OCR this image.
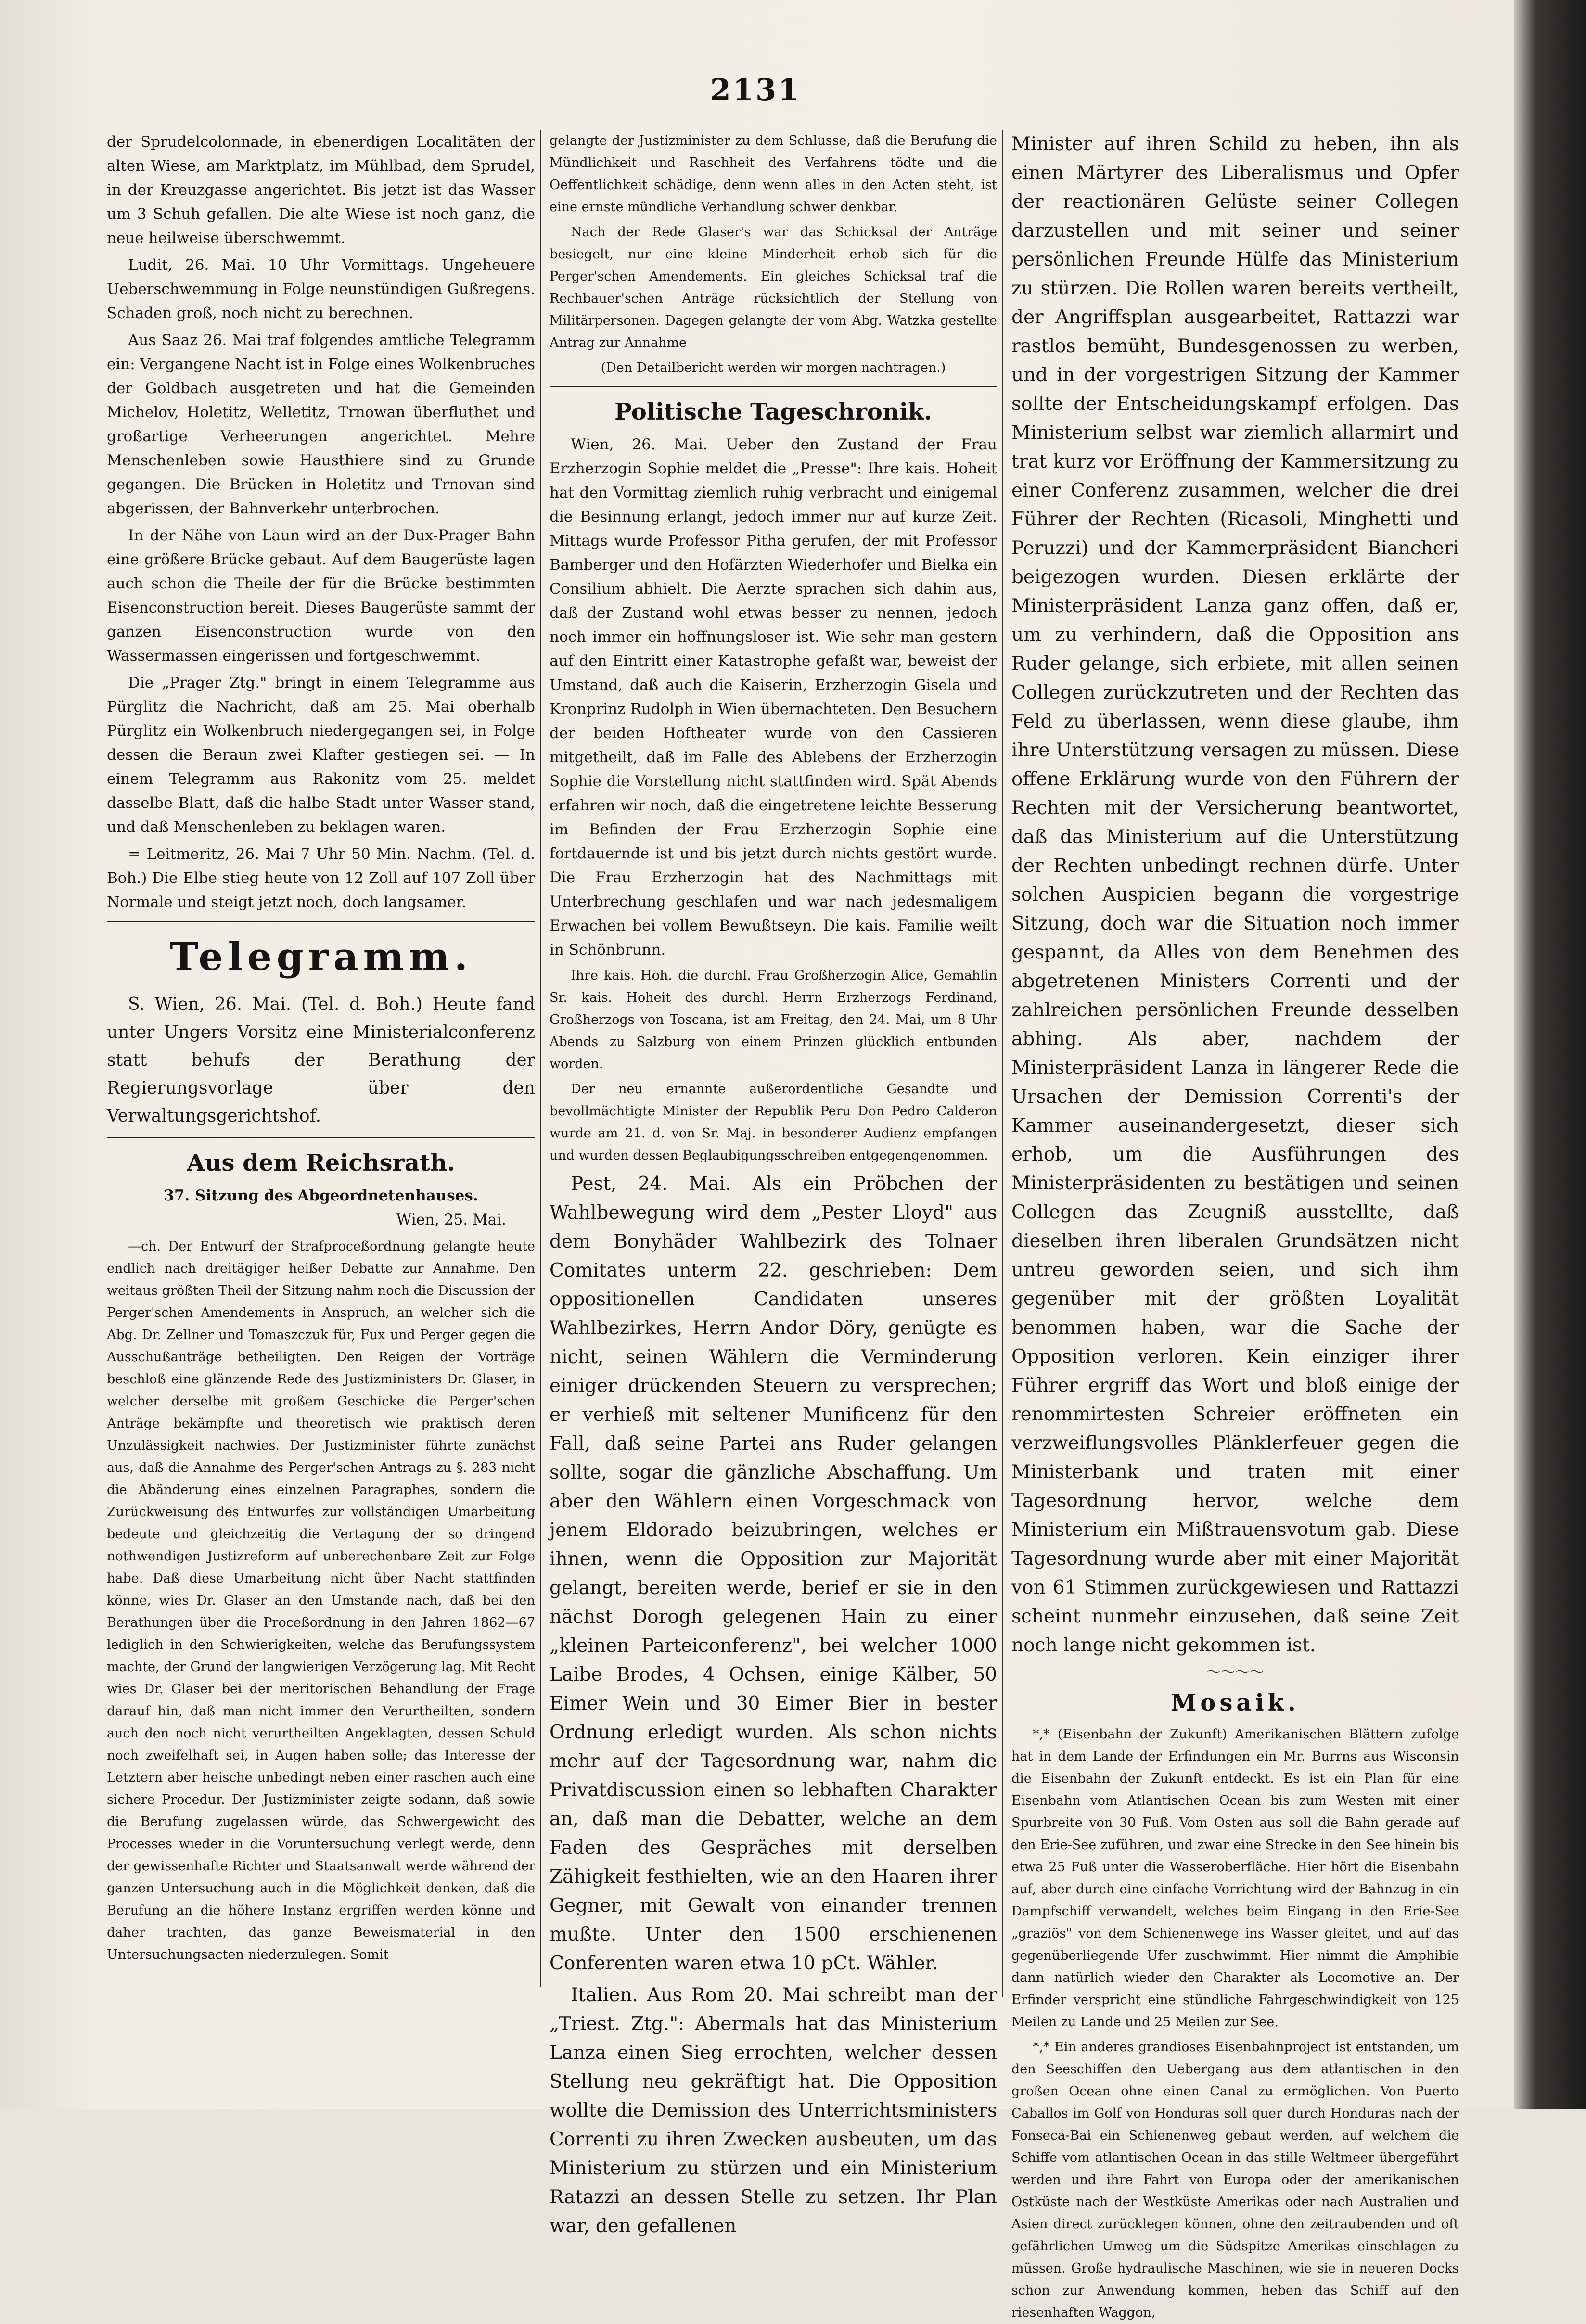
2131

der Sprudelcolonnade, in ebenerdigen Localitäten der alten Wiese, am Marktplatz, im Mühlbad, dem Sprudel, in der Kreuzgasse angerichtet. Bis jetzt ist das Wasser um 3 Schuh gefallen. Die alte Wiese ist noch ganz, die neue heilweise überschwemmt.

Ludit, 26. Mai. 10 Uhr Vormittags. Ungeheuere Ueberschwemmung in Folge neunstündigen Gußregens. Schaden groß, noch nicht zu berechnen.

Aus Saaz 26. Mai traf folgendes amtliche Telegramm ein: Vergangene Nacht ist in Folge eines Wolkenbruches der Goldbach ausgetreten und hat die Gemeinden Michelov, Holetitz, Welletitz, Trnowan überfluthet und großartige Verheerungen angerichtet. Mehre Menschenleben sowie Hausthiere sind zu Grunde gegangen. Die Brücken in Holetitz und Trnovan sind abgerissen, der Bahnverkehr unterbrochen.

In der Nähe von Laun wird an der Dux-Prager Bahn eine größere Brücke gebaut. Auf dem Baugerüste lagen auch schon die Theile der für die Brücke bestimmten Eisenconstruction bereit. Dieses Baugerüste sammt der ganzen Eisenconstruction wurde von den Wassermassen eingerissen und fortgeschwemmt.

Die „Prager Ztg." bringt in einem Telegramme aus Pürglitz die Nachricht, daß am 25. Mai oberhalb Pürglitz ein Wolkenbruch niedergegangen sei, in Folge dessen die Beraun zwei Klafter gestiegen sei. — In einem Telegramm aus Rakonitz vom 25. meldet dasselbe Blatt, daß die halbe Stadt unter Wasser stand, und daß Menschenleben zu beklagen waren.

= Leitmeritz, 26. Mai 7 Uhr 50 Min. Nachm. (Tel. d. Boh.) Die Elbe stieg heute von 12 Zoll auf 107 Zoll über Normale und steigt jetzt noch, doch langsamer.

Telegramm.

S. Wien, 26. Mai. (Tel. d. Boh.) Heute fand unter Ungers Vorsitz eine Ministerialconferenz statt behufs der Berathung der Regierungsvorlage über den Verwaltungsgerichtshof.

Aus dem Reichsrath.
37. Sitzung des Abgeordnetenhauses.
Wien, 25. Mai.

—ch. Der Entwurf der Strafproceßordnung gelangte heute endlich nach dreitägiger heißer Debatte zur Annahme. Den weitaus größten Theil der Sitzung nahm noch die Discussion der Perger'schen Amendements in Anspruch, an welcher sich die Abg. Dr. Zellner und Tomaszczuk für, Fux und Perger gegen die Ausschußanträge betheiligten. Den Reigen der Vorträge beschloß eine glänzende Rede des Justizministers Dr. Glaser, in welcher derselbe mit großem Geschicke die Perger'schen Anträge bekämpfte und theoretisch wie praktisch deren Unzulässigkeit nachwies. Der Justizminister führte zunächst aus, daß die Annahme des Perger'schen Antrags zu §. 283 nicht die Abänderung eines einzelnen Paragraphes, sondern die Zurückweisung des Entwurfes zur vollständigen Umarbeitung bedeute und gleichzeitig die Vertagung der so dringend nothwendigen Justizreform auf unberechenbare Zeit zur Folge habe. Daß diese Umarbeitung nicht über Nacht stattfinden könne, wies Dr. Glaser an den Umstande nach, daß bei den Berathungen über die Proceßordnung in den Jahren 1862—67 lediglich in den Schwierigkeiten, welche das Berufungssystem machte, der Grund der langwierigen Verzögerung lag. Mit Recht wies Dr. Glaser bei der meritorischen Behandlung der Frage darauf hin, daß man nicht immer den Verurtheilten, sondern auch den noch nicht verurtheilten Angeklagten, dessen Schuld noch zweifelhaft sei, in Augen haben solle; das Interesse der Letztern aber heische unbedingt neben einer raschen auch eine sichere Procedur. Der Justizminister zeigte sodann, daß sowie die Berufung zugelassen würde, das Schwergewicht des Processes wieder in die Voruntersuchung verlegt werde, denn der gewissenhafte Richter und Staatsanwalt werde während der ganzen Untersuchung auch in die Möglichkeit denken, daß die Berufung an die höhere Instanz ergriffen werden könne und daher trachten, das ganze Beweismaterial in den Untersuchungsacten niederzulegen. Somit

gelangte der Justizminister zu dem Schlusse, daß die Berufung die Mündlichkeit und Raschheit des Verfahrens tödte und die Oeffentlichkeit schädige, denn wenn alles in den Acten steht, ist eine ernste mündliche Verhandlung schwer denkbar.

Nach der Rede Glaser's war das Schicksal der Anträge besiegelt, nur eine kleine Minderheit erhob sich für die Perger'schen Amendements. Ein gleiches Schicksal traf die Rechbauer'schen Anträge rücksichtlich der Stellung von Militärpersonen. Dagegen gelangte der vom Abg. Watzka gestellte Antrag zur Annahme

(Den Detailbericht werden wir morgen nachtragen.)

Politische Tageschronik.

Wien, 26. Mai. Ueber den Zustand der Frau Erzherzogin Sophie meldet die „Presse": Ihre kais. Hoheit hat den Vormittag ziemlich ruhig verbracht und einigemal die Besinnung erlangt, jedoch immer nur auf kurze Zeit. Mittags wurde Professor Pitha gerufen, der mit Professor Bamberger und den Hofärzten Wiederhofer und Bielka ein Consilium abhielt. Die Aerzte sprachen sich dahin aus, daß der Zustand wohl etwas besser zu nennen, jedoch noch immer ein hoffnungsloser ist. Wie sehr man gestern auf den Eintritt einer Katastrophe gefaßt war, beweist der Umstand, daß auch die Kaiserin, Erzherzogin Gisela und Kronprinz Rudolph in Wien übernachteten. Den Besuchern der beiden Hoftheater wurde von den Cassieren mitgetheilt, daß im Falle des Ablebens der Erzherzogin Sophie die Vorstellung nicht stattfinden wird. Spät Abends erfahren wir noch, daß die eingetretene leichte Besserung im Befinden der Frau Erzherzogin Sophie eine fortdauernde ist und bis jetzt durch nichts gestört wurde. Die Frau Erzherzogin hat des Nachmittags mit Unterbrechung geschlafen und war nach jedesmaligem Erwachen bei vollem Bewußtseyn. Die kais. Familie weilt in Schönbrunn.

Ihre kais. Hoh. die durchl. Frau Großherzogin Alice, Gemahlin Sr. kais. Hoheit des durchl. Herrn Erzherzogs Ferdinand, Großherzogs von Toscana, ist am Freitag, den 24. Mai, um 8 Uhr Abends zu Salzburg von einem Prinzen glücklich entbunden worden.

Der neu ernannte außerordentliche Gesandte und bevollmächtigte Minister der Republik Peru Don Pedro Calderon wurde am 21. d. von Sr. Maj. in besonderer Audienz empfangen und wurden dessen Beglaubigungsschreiben entgegengenommen.

Pest, 24. Mai. Als ein Pröbchen der Wahlbewegung wird dem „Pester Lloyd" aus dem Bonyhäder Wahlbezirk des Tolnaer Comitates unterm 22. geschrieben: Dem oppositionellen Candidaten unseres Wahlbezirkes, Herrn Andor Döry, genügte es nicht, seinen Wählern die Verminderung einiger drückenden Steuern zu versprechen; er verhieß mit seltener Munificenz für den Fall, daß seine Partei ans Ruder gelangen sollte, sogar die gänzliche Abschaffung. Um aber den Wählern einen Vorgeschmack von jenem Eldorado beizubringen, welches er ihnen, wenn die Opposition zur Majorität gelangt, bereiten werde, berief er sie in den nächst Dorogh gelegenen Hain zu einer „kleinen Parteiconferenz", bei welcher 1000 Laibe Brodes, 4 Ochsen, einige Kälber, 50 Eimer Wein und 30 Eimer Bier in bester Ordnung erledigt wurden. Als schon nichts mehr auf der Tagesordnung war, nahm die Privatdiscussion einen so lebhaften Charakter an, daß man die Debatter, welche an dem Faden des Gespräches mit derselben Zähigkeit festhielten, wie an den Haaren ihrer Gegner, mit Gewalt von einander trennen mußte. Unter den 1500 erschienenen Conferenten waren etwa 10 pCt. Wähler.

Italien. Aus Rom 20. Mai schreibt man der „Triest. Ztg.": Abermals hat das Ministerium Lanza einen Sieg errochten, welcher dessen Stellung neu gekräftigt hat. Die Opposition wollte die Demission des Unterrichtsministers Correnti zu ihren Zwecken ausbeuten, um das Ministerium zu stürzen und ein Ministerium Ratazzi an dessen Stelle zu setzen. Ihr Plan war, den gefallenen

Minister auf ihren Schild zu heben, ihn als einen Märtyrer des Liberalismus und Opfer der reactionären Gelüste seiner Collegen darzustellen und mit seiner und seiner persönlichen Freunde Hülfe das Ministerium zu stürzen. Die Rollen waren bereits vertheilt, der Angriffsplan ausgearbeitet, Rattazzi war rastlos bemüht, Bundesgenossen zu werben, und in der vorgestrigen Sitzung der Kammer sollte der Entscheidungskampf erfolgen. Das Ministerium selbst war ziemlich allarmirt und trat kurz vor Eröffnung der Kammersitzung zu einer Conferenz zusammen, welcher die drei Führer der Rechten (Ricasoli, Minghetti und Peruzzi) und der Kammerpräsident Biancheri beigezogen wurden. Diesen erklärte der Ministerpräsident Lanza ganz offen, daß er, um zu verhindern, daß die Opposition ans Ruder gelange, sich erbiete, mit allen seinen Collegen zurückzutreten und der Rechten das Feld zu überlassen, wenn diese glaube, ihm ihre Unterstützung versagen zu müssen. Diese offene Erklärung wurde von den Führern der Rechten mit der Versicherung beantwortet, daß das Ministerium auf die Unterstützung der Rechten unbedingt rechnen dürfe. Unter solchen Auspicien begann die vorgestrige Sitzung, doch war die Situation noch immer gespannt, da Alles von dem Benehmen des abgetretenen Ministers Correnti und der zahlreichen persönlichen Freunde desselben abhing. Als aber, nachdem der Ministerpräsident Lanza in längerer Rede die Ursachen der Demission Correnti's der Kammer auseinandergesetzt, dieser sich erhob, um die Ausführungen des Ministerpräsidenten zu bestätigen und seinen Collegen das Zeugniß ausstellte, daß dieselben ihren liberalen Grundsätzen nicht untreu geworden seien, und sich ihm gegenüber mit der größten Loyalität benommen haben, war die Sache der Opposition verloren. Kein einziger ihrer Führer ergriff das Wort und bloß einige der renommirtesten Schreier eröffneten ein verzweiflungsvolles Plänklerfeuer gegen die Ministerbank und traten mit einer Tagesordnung hervor, welche dem Ministerium ein Mißtrauensvotum gab. Diese Tagesordnung wurde aber mit einer Majorität von 61 Stimmen zurückgewiesen und Rattazzi scheint nunmehr einzusehen, daß seine Zeit noch lange nicht gekommen ist.

〜〜〜〜
Mosaik.

*,* (Eisenbahn der Zukunft) Amerikanischen Blättern zufolge hat in dem Lande der Erfindungen ein Mr. Burrns aus Wisconsin die Eisenbahn der Zukunft entdeckt. Es ist ein Plan für eine Eisenbahn vom Atlantischen Ocean bis zum Westen mit einer Spurbreite von 30 Fuß. Vom Osten aus soll die Bahn gerade auf den Erie-See zuführen, und zwar eine Strecke in den See hinein bis etwa 25 Fuß unter die Wasseroberfläche. Hier hört die Eisenbahn auf, aber durch eine einfache Vorrichtung wird der Bahnzug in ein Dampfschiff verwandelt, welches beim Eingang in den Erie-See „graziös" von dem Schienenwege ins Wasser gleitet, und auf das gegenüberliegende Ufer zuschwimmt. Hier nimmt die Amphibie dann natürlich wieder den Charakter als Locomotive an. Der Erfinder verspricht eine stündliche Fahrgeschwindigkeit von 125 Meilen zu Lande und 25 Meilen zur See.

*,* Ein anderes grandioses Eisenbahnproject ist entstanden, um den Seeschiffen den Uebergang aus dem atlantischen in den großen Ocean ohne einen Canal zu ermöglichen. Von Puerto Caballos im Golf von Honduras soll quer durch Honduras nach der Fonseca-Bai ein Schienenweg gebaut werden, auf welchem die Schiffe vom atlantischen Ocean in das stille Weltmeer übergeführt werden und ihre Fahrt von Europa oder der amerikanischen Ostküste nach der Westküste Amerikas oder nach Australien und Asien direct zurücklegen können, ohne den zeitraubenden und oft gefährlichen Umweg um die Südspitze Amerikas einschlagen zu müssen. Große hydraulische Maschinen, wie sie in neueren Docks schon zur Anwendung kommen, heben das Schiff auf den riesenhaften Waggon,
